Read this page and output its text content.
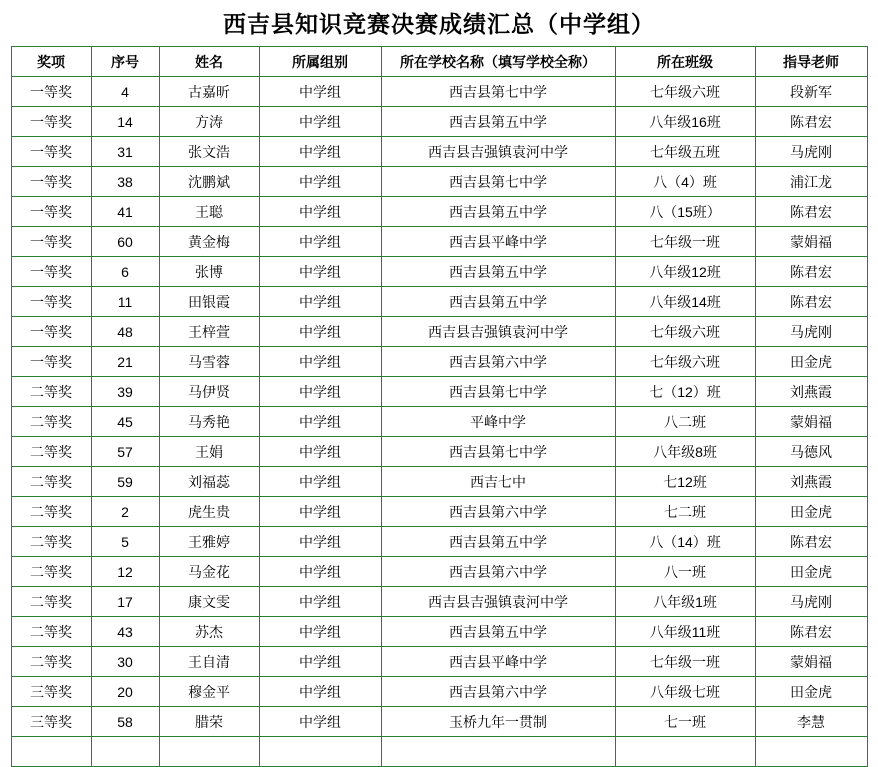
西吉县知识竞赛决赛成绩汇总（中学组）
奖项	序号	姓名	所属组别	所在学校名称（填写学校全称）	所在班级	指导老师
一等奖	4	古嘉昕	中学组	西吉县第七中学	七年级六班	段新军
一等奖	14	方涛	中学组	西吉县第五中学	八年级16班	陈君宏
一等奖	31	张文浩	中学组	西吉县吉强镇袁河中学	七年级五班	马虎刚
一等奖	38	沈鹏斌	中学组	西吉县第七中学	八（4）班	浦江龙
一等奖	41	王聪	中学组	西吉县第五中学	八（15班）	陈君宏
一等奖	60	黄金梅	中学组	西吉县平峰中学	七年级一班	蒙娟福
一等奖	6	张博	中学组	西吉县第五中学	八年级12班	陈君宏
一等奖	11	田银霞	中学组	西吉县第五中学	八年级14班	陈君宏
一等奖	48	王梓萱	中学组	西吉县吉强镇袁河中学	七年级六班	马虎刚
一等奖	21	马雪蓉	中学组	西吉县第六中学	七年级六班	田金虎
二等奖	39	马伊贤	中学组	西吉县第七中学	七（12）班	刘燕霞
二等奖	45	马秀艳	中学组	平峰中学	八二班	蒙娟福
二等奖	57	王娟	中学组	西吉县第七中学	八年级8班	马德风
二等奖	59	刘福蕊	中学组	西吉七中	七12班	刘燕霞
二等奖	2	虎生贵	中学组	西吉县第六中学	七二班	田金虎
二等奖	5	王雅婷	中学组	西吉县第五中学	八（14）班	陈君宏
二等奖	12	马金花	中学组	西吉县第六中学	八一班	田金虎
二等奖	17	康文雯	中学组	西吉县吉强镇袁河中学	八年级1班	马虎刚
二等奖	43	苏杰	中学组	西吉县第五中学	八年级11班	陈君宏
二等奖	30	王自清	中学组	西吉县平峰中学	七年级一班	蒙娟福
三等奖	20	穆金平	中学组	西吉县第六中学	八年级七班	田金虎
三等奖	58	腊荣	中学组	玉桥九年一贯制	七一班	李慧
